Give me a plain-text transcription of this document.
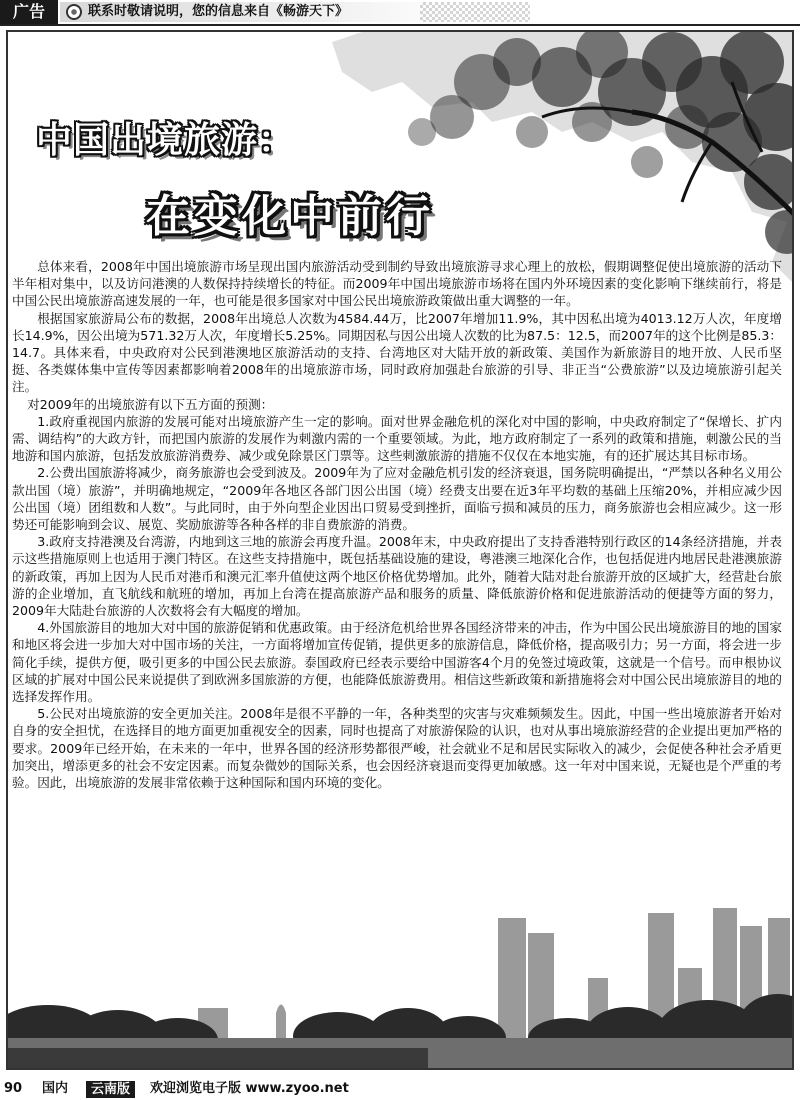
广告	联系时敬请说明，您的信息来自《畅游天下》
中国出境旅游：
在变化中前行

总体来看，2008年中国出境旅游市场呈现出国内旅游活动受到制约导致出境旅游寻求心理上的放松，假期调整促使出境旅游的活动下半年相对集中，以及访问港澳的人数保持持续增长的特征。而2009年中国出境旅游市场将在国内外环境因素的变化影响下继续前行，将是中国公民出境旅游高速发展的一年，也可能是很多国家对中国公民出境旅游政策做出重大调整的一年。

根据国家旅游局公布的数据，2008年出境总人次数为4584.44万，比2007年增加11.9%，其中因私出境为4013.12万人次，年度增长14.9%，因公出境为571.32万人次，年度增长5.25%。同期因私与因公出境人次数的比为87.5：12.5，而2007年的这个比例是85.3：14.7。具体来看，中央政府对公民到港澳地区旅游活动的支持、台湾地区对大陆开放的新政策、美国作为新旅游目的地开放、人民币坚挺、各类媒体集中宣传等因素都影响着2008年的出境旅游市场，同时政府加强赴台旅游的引导、非正当“公费旅游”以及边境旅游引起关注。

对2009年的出境旅游有以下五方面的预测：

1.政府重视国内旅游的发展可能对出境旅游产生一定的影响。面对世界金融危机的深化对中国的影响，中央政府制定了“保增长、扩内需、调结构”的大政方针，而把国内旅游的发展作为刺激内需的一个重要领域。为此，地方政府制定了一系列的政策和措施，刺激公民的当地游和国内旅游，包括发放旅游消费券、减少或免除景区门票等。这些刺激旅游的措施不仅仅在本地实施，有的还扩展达其目标市场。

2.公费出国旅游将减少，商务旅游也会受到波及。2009年为了应对金融危机引发的经济衰退，国务院明确提出，“严禁以各种名义用公款出国（境）旅游”，并明确地规定，“2009年各地区各部门因公出国（境）经费支出要在近3年平均数的基础上压缩20%，并相应减少因公出国（境）团组数和人数”。与此同时，由于外向型企业因出口贸易受到挫折，面临亏损和减员的压力，商务旅游也会相应减少。这一形势还可能影响到会议、展览、奖励旅游等各种各样的非自费旅游的消费。

3.政府支持港澳及台湾游，内地到这三地的旅游会再度升温。2008年末，中央政府提出了支持香港特别行政区的14条经济措施，并表示这些措施原则上也适用于澳门特区。在这些支持措施中，既包括基础设施的建设，粤港澳三地深化合作，也包括促进内地居民赴港澳旅游的新政策，再加上因为人民币对港币和澳元汇率升值使这两个地区价格优势增加。此外，随着大陆对赴台旅游开放的区域扩大，经营赴台旅游的企业增加，直飞航线和航班的增加，再加上台湾在提高旅游产品和服务的质量、降低旅游价格和促进旅游活动的便捷等方面的努力，2009年大陆赴台旅游的人次数将会有大幅度的增加。

4.外国旅游目的地加大对中国的旅游促销和优惠政策。由于经济危机给世界各国经济带来的冲击，作为中国公民出境旅游目的地的国家和地区将会进一步加大对中国市场的关注，一方面将增加宣传促销，提供更多的旅游信息，降低价格，提高吸引力；另一方面，将会进一步简化手续，提供方便，吸引更多的中国公民去旅游。泰国政府已经表示要给中国游客4个月的免签过境政策，这就是一个信号。而申根协议区域的扩展对中国公民来说提供了到欧洲多国旅游的方便，也能降低旅游费用。相信这些新政策和新措施将会对中国公民出境旅游目的地的选择发挥作用。

5.公民对出境旅游的安全更加关注。2008年是很不平静的一年，各种类型的灾害与灾难频频发生。因此，中国一些出境旅游者开始对自身的安全担忧，在选择目的地方面更加重视安全的因素，同时也提高了对旅游保险的认识，也对从事出境旅游经营的企业提出更加严格的要求。2009年已经开始，在未来的一年中，世界各国的经济形势都很严峻，社会就业不足和居民实际收入的减少，会促使各种社会矛盾更加突出，增添更多的社会不安定因素。而复杂微妙的国际关系，也会因经济衰退而变得更加敏感。这一年对中国来说，无疑也是个严重的考验。因此，出境旅游的发展非常依赖于这种国际和国内环境的变化。

90 国内	云南版	欢迎浏览电子版 www.zyoo.net
